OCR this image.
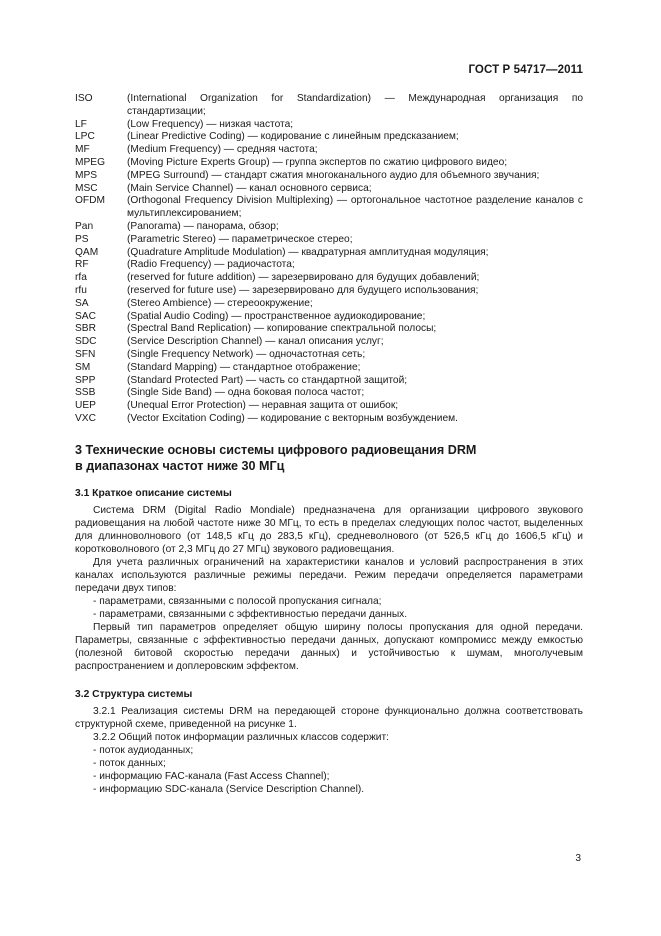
ГОСТ Р 54717—2011
ISO	(International Organization for Standardization) — Международная организация по стандартизации;
LF	(Low Frequency) — низкая частота;
LPC	(Linear Predictive Coding) — кодирование с линейным предсказанием;
MF	(Medium Frequency) — средняя частота;
MPEG	(Moving Picture Experts Group) — группа экспертов по сжатию цифрового видео;
MPS	(MPEG Surround) — стандарт сжатия многоканального аудио для объемного звучания;
MSC	(Main Service Channel) — канал основного сервиса;
OFDM	(Orthogonal Frequency Division Multiplexing) — ортогональное частотное разделение каналов с мультиплексированием;
Pan	(Panorama) — панорама, обзор;
PS	(Parametric Stereo) — параметрическое стерео;
QAM	(Quadrature Amplitude Modulation) — квадратурная амплитудная модуляция;
RF	(Radio Frequency) — радиочастота;
rfa	(reserved for future addition) — зарезервировано для будущих добавлений;
rfu	(reserved for future use) — зарезервировано для будущего использования;
SA	(Stereo Ambience) — стереоокружение;
SAC	(Spatial Audio Coding) — пространственное аудиокодирование;
SBR	(Spectral Band Replication) — копирование спектральной полосы;
SDC	(Service Description Channel) — канал описания услуг;
SFN	(Single Frequency Network) — одночастотная сеть;
SM	(Standard Mapping) — стандартное отображение;
SPP	(Standard Protected Part) — часть со стандартной защитой;
SSB	(Single Side Band) — одна боковая полоса частот;
UEP	(Unequal Error Protection) — неравная защита от ошибок;
VXC	(Vector Excitation Coding) — кодирование с векторным возбуждением.
3 Технические основы системы цифрового радиовещания DRM
в диапазонах частот ниже 30 МГц
3.1 Краткое описание системы

Система DRM (Digital Radio Mondiale) предназначена для организации цифрового звукового радиовещания на любой частоте ниже 30 МГц, то есть в пределах следующих полос частот, выделенных для длинноволнового (от 148,5 кГц до 283,5 кГц), средневолнового (от 526,5 кГц до 1606,5 кГц) и коротковолнового (от 2,3 МГц до 27 МГц) звукового радиовещания.

Для учета различных ограничений на характеристики каналов и условий распространения в этих каналах используются различные режимы передачи. Режим передачи определяется параметрами передачи двух типов:

- параметрами, связанными с полосой пропускания сигнала;

- параметрами, связанными с эффективностью передачи данных.

Первый тип параметров определяет общую ширину полосы пропускания для одной передачи. Параметры, связанные с эффективностью передачи данных, допускают компромисс между емкостью (полезной битовой скоростью передачи данных) и устойчивостью к шумам, многолучевым распространением и доплеровским эффектом.

3.2 Структура системы

3.2.1 Реализация системы DRM на передающей стороне функционально должна соответствовать структурной схеме, приведенной на рисунке 1.

3.2.2 Общий поток информации различных классов содержит:

- поток аудиоданных;

- поток данных;

- информацию FAC-канала (Fast Access Channel);

- информацию SDC-канала (Service Description Channel).

3
